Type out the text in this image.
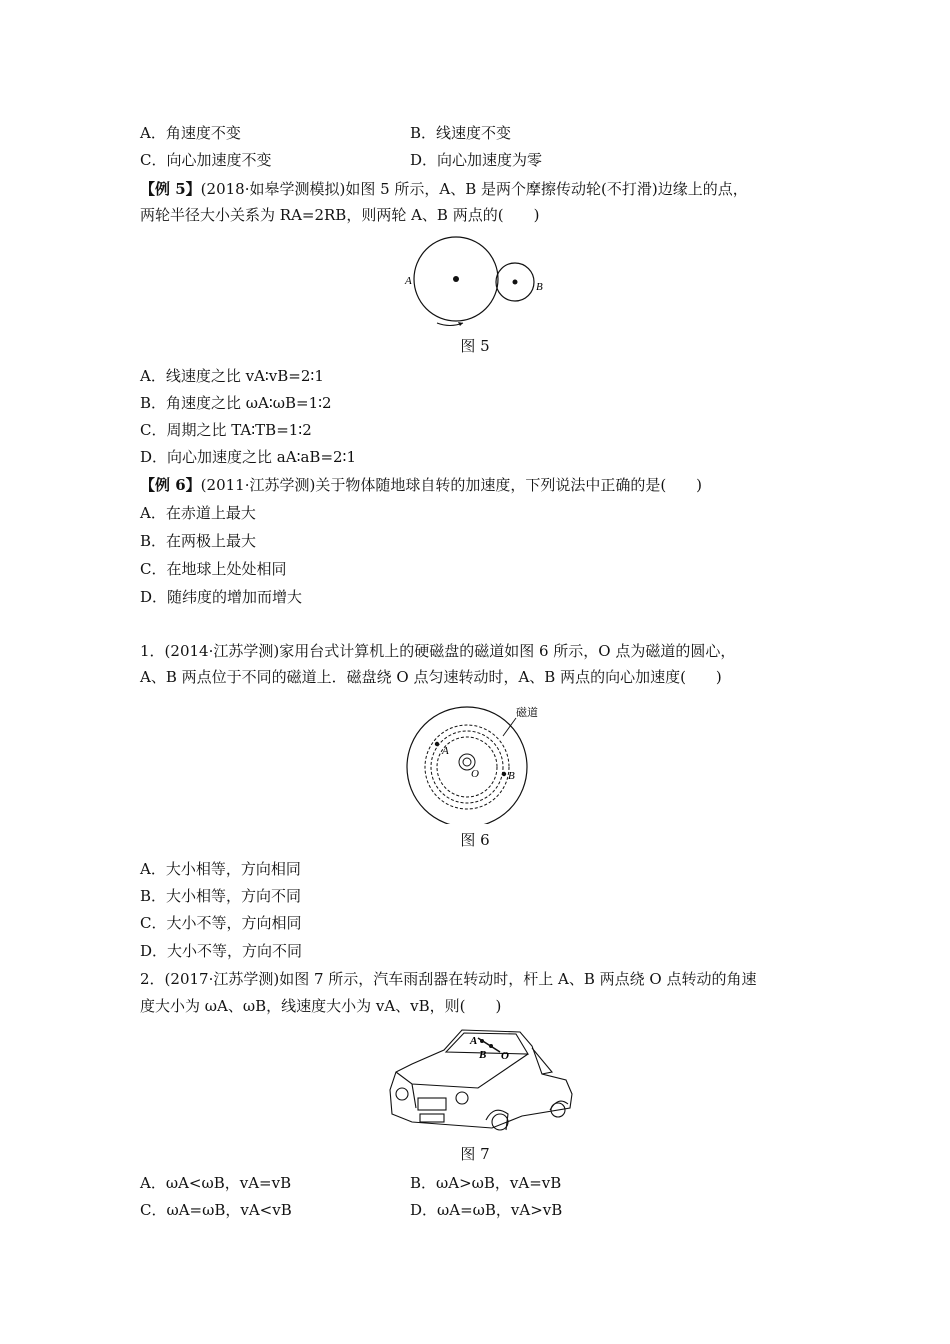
A．角速度不变	B．线速度不变
C．向心加速度不变	D．向心加速度为零
【例 5】(2018·如皋学测模拟)如图 5 所示，A、B 是两个摩擦传动轮(不打滑)边缘上的点，
两轮半径大小关系为 RA=2RB，则两轮 A、B 两点的(　　)
A	B
图 5
A．线速度之比 vA∶vB=2∶1
B．角速度之比 ωA∶ωB=1∶2
C．周期之比 TA∶TB=1∶2
D．向心加速度之比 aA∶aB=2∶1
【例 6】(2011·江苏学测)关于物体随地球自转的加速度，下列说法中正确的是(　　)
A．在赤道上最大
B．在两极上最大
C．在地球上处处相同
D．随纬度的增加而增大
1．(2014·江苏学测)家用台式计算机上的硬磁盘的磁道如图 6 所示，O 点为磁道的圆心，
A、B 两点位于不同的磁道上．磁盘绕 O 点匀速转动时，A、B 两点的向心加速度(　　)
A
B
O
磁道
图 6
A．大小相等，方向相同
B．大小相等，方向不同
C．大小不等，方向相同
D．大小不等，方向不同
2．(2017·江苏学测)如图 7 所示，汽车雨刮器在转动时，杆上 A、B 两点绕 O 点转动的角速
度大小为 ωA、ωB，线速度大小为 vA、vB，则(　　)
A
B O
图 7
A．ωA<ωB，vA=vB	B．ωA>ωB，vA=vB
C．ωA=ωB，vA<vB	D．ωA=ωB，vA>vB
